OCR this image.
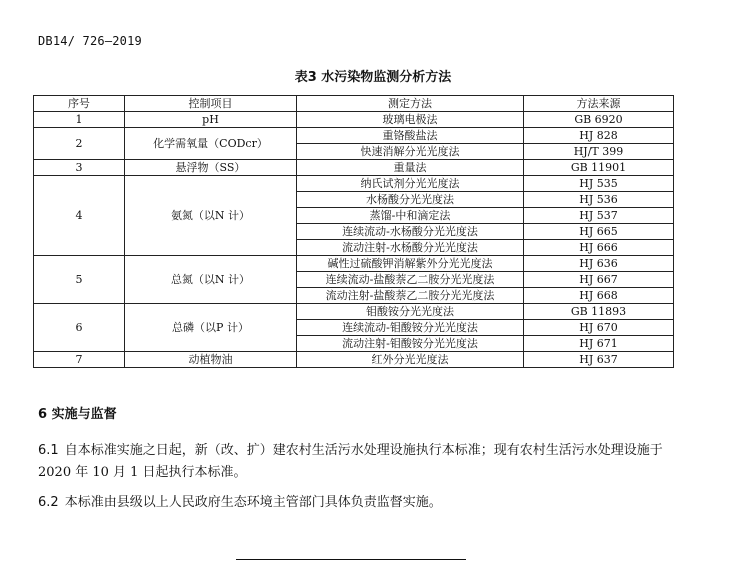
DB14/ 726—2019
表3 水污染物监测分析方法
序号	控制项目	测定方法	方法来源
1	pH	玻璃电极法	GB 6920
2	化学需氧量（CODcr）	重铬酸盐法	HJ 828
		快速消解分光光度法	HJ/T 399
3	悬浮物（SS）	重量法	GB 11901
4	氨氮（以N 计）	纳氏试剂分光光度法	HJ 535
		水杨酸分光光度法	HJ 536
		蒸馏-中和滴定法	HJ 537
		连续流动-水杨酸分光光度法	HJ 665
		流动注射-水杨酸分光光度法	HJ 666
5	总氮（以N 计）	碱性过硫酸钾消解紫外分光光度法	HJ 636
		连续流动-盐酸萘乙二胺分光光度法	HJ 667
		流动注射-盐酸萘乙二胺分光光度法	HJ 668
6	总磷（以P 计）	钼酸铵分光光度法	GB 11893
		连续流动-钼酸铵分光光度法	HJ 670
		流动注射-钼酸铵分光光度法	HJ 671
7	动植物油	红外分光光度法	HJ 637
6 实施与监督
6.1 自本标准实施之日起，新（改、扩）建农村生活污水处理设施执行本标准；现有农村生活污水处理设施于 2020 年 10 月 1 日起执行本标准。
6.2 本标准由县级以上人民政府生态环境主管部门具体负责监督实施。
